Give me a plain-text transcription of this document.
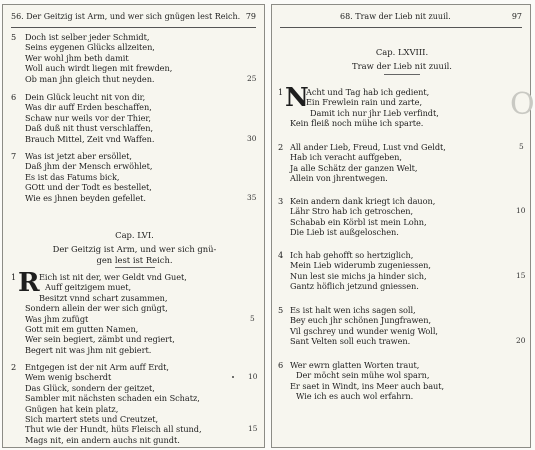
56. Der Geitzig ist Arm, und wer sich gnügen lest Reich. 79
5 Doch ist selber jeder Schmidt,
Seins eygenen Glücks allzeiten,
Wer wohl jhm beth damit
Woll auch wirdt liegen mit frewden,
Ob man jhn gleich thut neyden.	25
6 Dein Glück leucht nit von dir,
Was dir auff Erden beschaffen,
Schaw nur weils vor der Thier,
Daß duß nit thust verschlaffen,
Brauch Mittel, Zeit vnd Waffen.	30
7 Was ist jetzt aber ersöllet,
Daß jhm der Mensch erwöhlet,
Es ist das Fatums bick,
GOtt und der Todt es bestellet,
Wie es jhnen beyden gefellet.	35
Cap. LVI.
Der Geitzig ist Arm, und wer sich gnü-
gen lest ist Reich.
1 R Eich ist nit der, wer Geldt vnd Guet,
Auff geitzigem muet,
Besitzt vnnd schart zusammen,
Sondern allein der wer sich gnügt,
Was jhm zufügt	5
Gott mit em gutten Namen,
Wer sein begiert, zämbt und regiert,
Begert nit was jhm nit gebiert.
2 Entgegen ist der nit Arm auff Erdt,
Wem wenig bscherdt	10
Das Glück, sondern der geitzet,
Sambler mit nächsten schaden ein Schatz,
Gnügen hat kein platz,
Sich martert stets und Creutzet,
Thut wie der Hundt, hüts Fleisch all stund,	15
Mags nit, ein andern auchs nit gundt.
68. Traw der Lieb nit zuuil.	97
O
Cap. LXVIII.
Traw der Lieb nit zuuil.
1 N
Acht und Tag hab ich gedient,
Ein Frewlein rain und zarte,
Damit ich nur jhr Lieb verfindt,
Kein fleiß noch mühe ich sparte.
2 All ander Lieb, Freud, Lust vnd Geldt,	5
Hab ich veracht auffgeben,
Ja alle Schätz der ganzen Welt,
Allein von jhrentwegen.
3 Kein andern dank kriegt ich dauon,
Lähr Stro hab ich getroschen,	10
Schabab ein Körbl ist mein Lohn,
Die Lieb ist außgeloschen.
4 Ich hab gehofft so hertziglich,
Mein Lieb widerumb zugeniessen,
Nun lest sie michs ja hinder sich,	15
Gantz höflich jetzund gniessen.
5 Es ist halt wen ichs sagen soll,
Bey euch jhr schönen Jungfrawen,
Vil gschrey und wunder wenig Woll,
Sant Velten soll euch trawen.	20
6 Wer ewrn glatten Worten traut,
Der möcht sein mühe wol sparn,
Er saet in Windt, ins Meer auch baut,
Wie ich es auch wol erfahrn.
